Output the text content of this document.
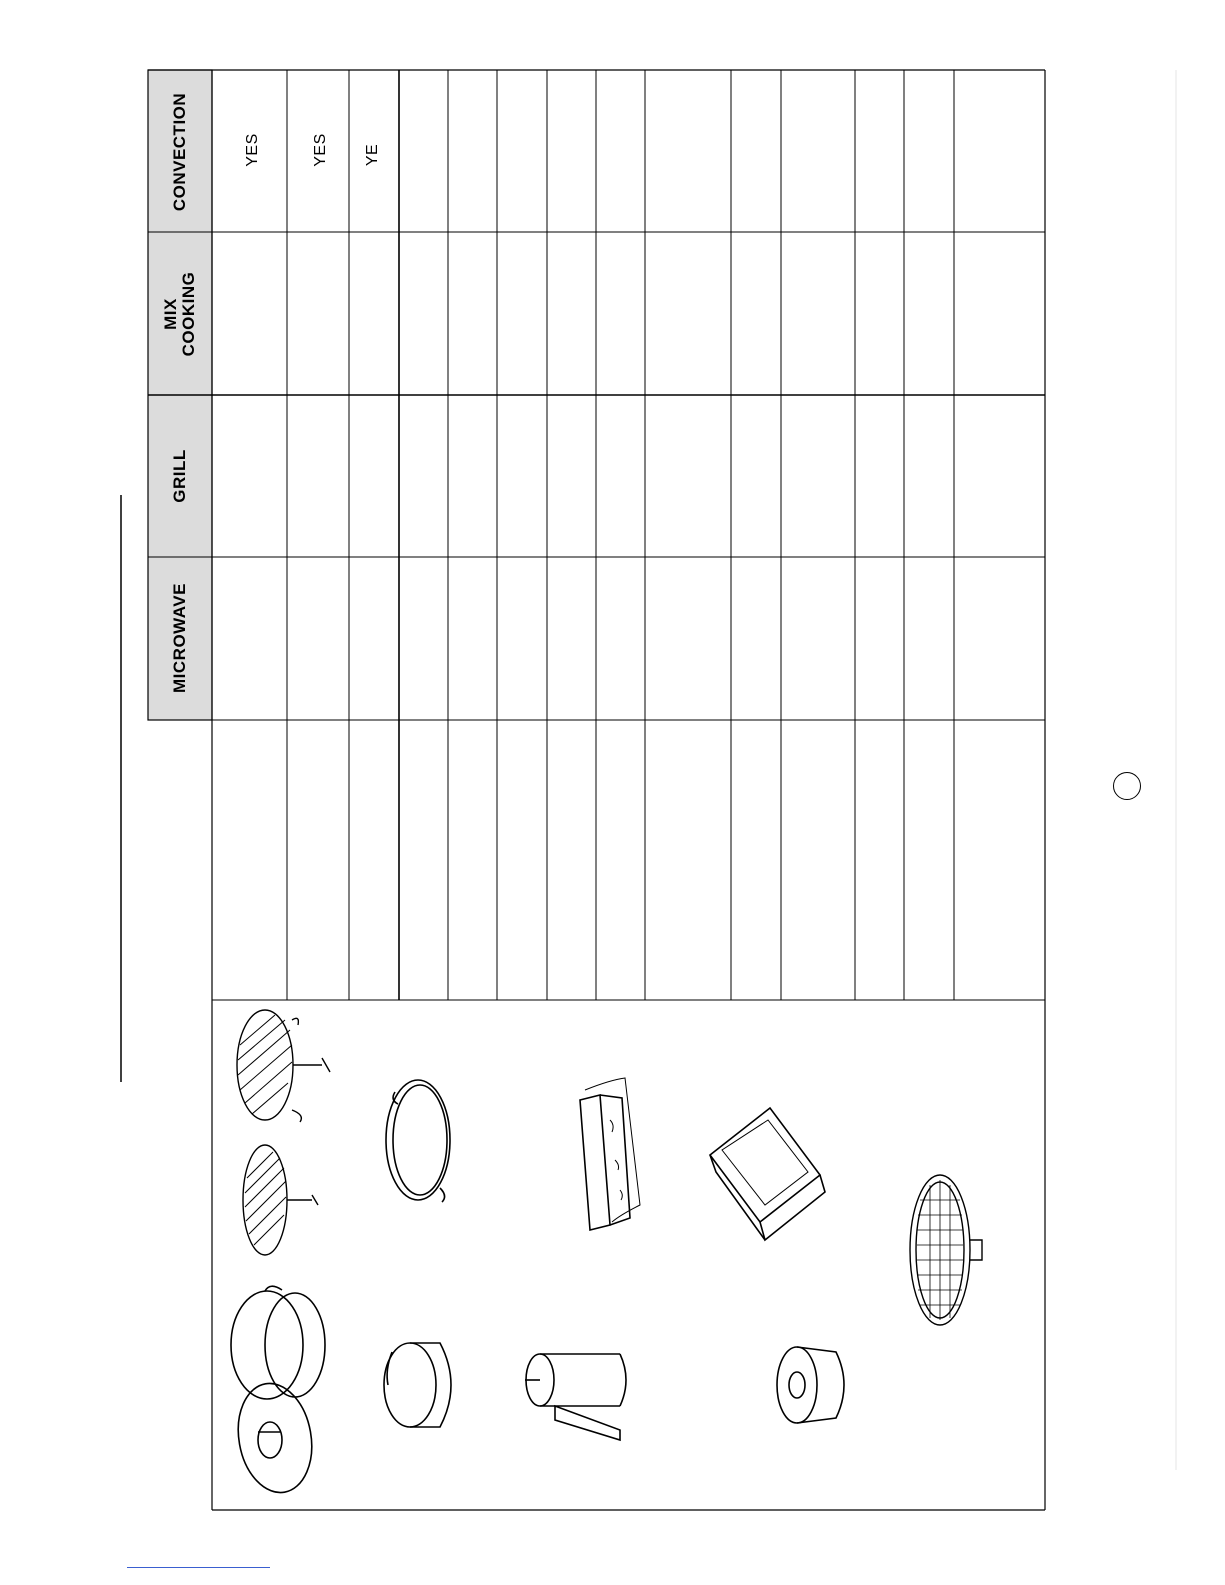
CONVECTION
MIX COOKING
GRILL
MICROWAVE
YES	YES YE
